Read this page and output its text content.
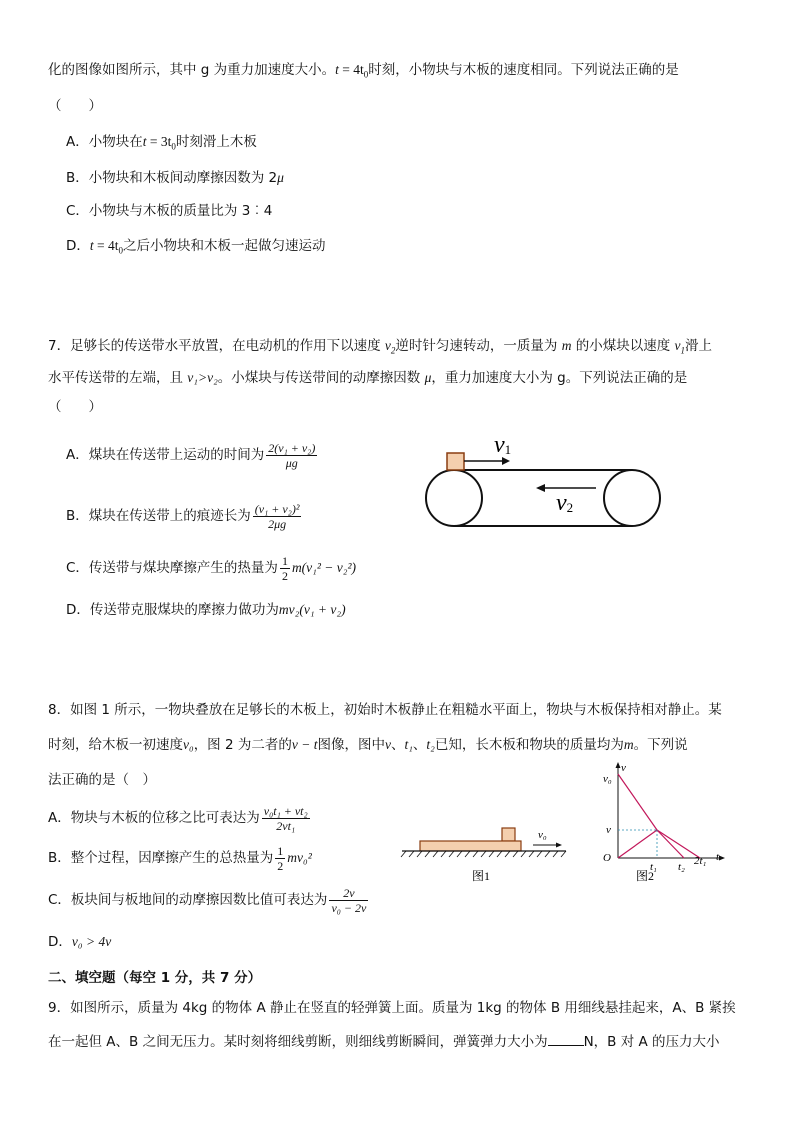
化的图像如图所示，其中 g 为重力加速度大小。$t = 4t_0$时刻，小物块与木板的速度相同。下列说法正确的是
（　　）
A．小物块在$t = 3t_0$时刻滑上木板
B．小物块和木板间动摩擦因数为 2μ
C．小物块与木板的质量比为 3︰4
D．$t = 4t_0$之后小物块和木板一起做匀速运动
7．足够长的传送带水平放置，在电动机的作用下以速度 $v_2$逆时针匀速转动，一质量为 m 的小煤块以速度 $v_1$滑上
水平传送带的左端，且 v₁>v₂。小煤块与传送带间的动摩擦因数 μ，重力加速度大小为 g。下列说法正确的是
（　　）
A．煤块在传送带上运动的时间为 $\frac{\text{2(v₁ + v₂)}}{\mu g}$
B．煤块在传送带上的痕迹长为 $\frac{\text{(v₁ + v₂)²}}{2\mu g}$
C．传送带与煤块摩擦产生的热量为 $\frac{1}{2} m(v_1^2 - v_2^2)$
D．传送带克服煤块的摩擦力做功为mv₂(v₁ + v₂)
v1
v2
8．如图 1 所示，一物块叠放在足够长的木板上，初始时木板静止在粗糙水平面上，物块与木板保持相对静止。某
时刻，给木板一初速度v₀，图 2 为二者的v − t图像，图中v、t₁、t₂已知，长木板和物块的质量均为m。下列说
法正确的是（　）
A．物块与木板的位移之比可表达为 $\frac{\text{v₀t₁ + vt₂}}{\text{2vt₁}}$
B．整个过程，因摩擦产生的总热量为 $\frac{1}{2} mv_0^2$
C．板块间与板地间的动摩擦因数比值可表达为 $\frac{2v}{\text{v₀ − 2v}}$
D．v₀ > 4v
v₀
图1
v₀
v
v
O
t₁ t₂ 2t₁ t
图2
二、填空题（每空 1 分，共 7 分）
9．如图所示，质量为 4kg 的物体 A 静止在竖直的轻弹簧上面。质量为 1kg 的物体 B 用细线悬挂起来，A、B 紧挨
在一起但 A、B 之间无压力。某时刻将细线剪断，则细线剪断瞬间，弹簧弹力大小为	N，B 对 A 的压力大小
